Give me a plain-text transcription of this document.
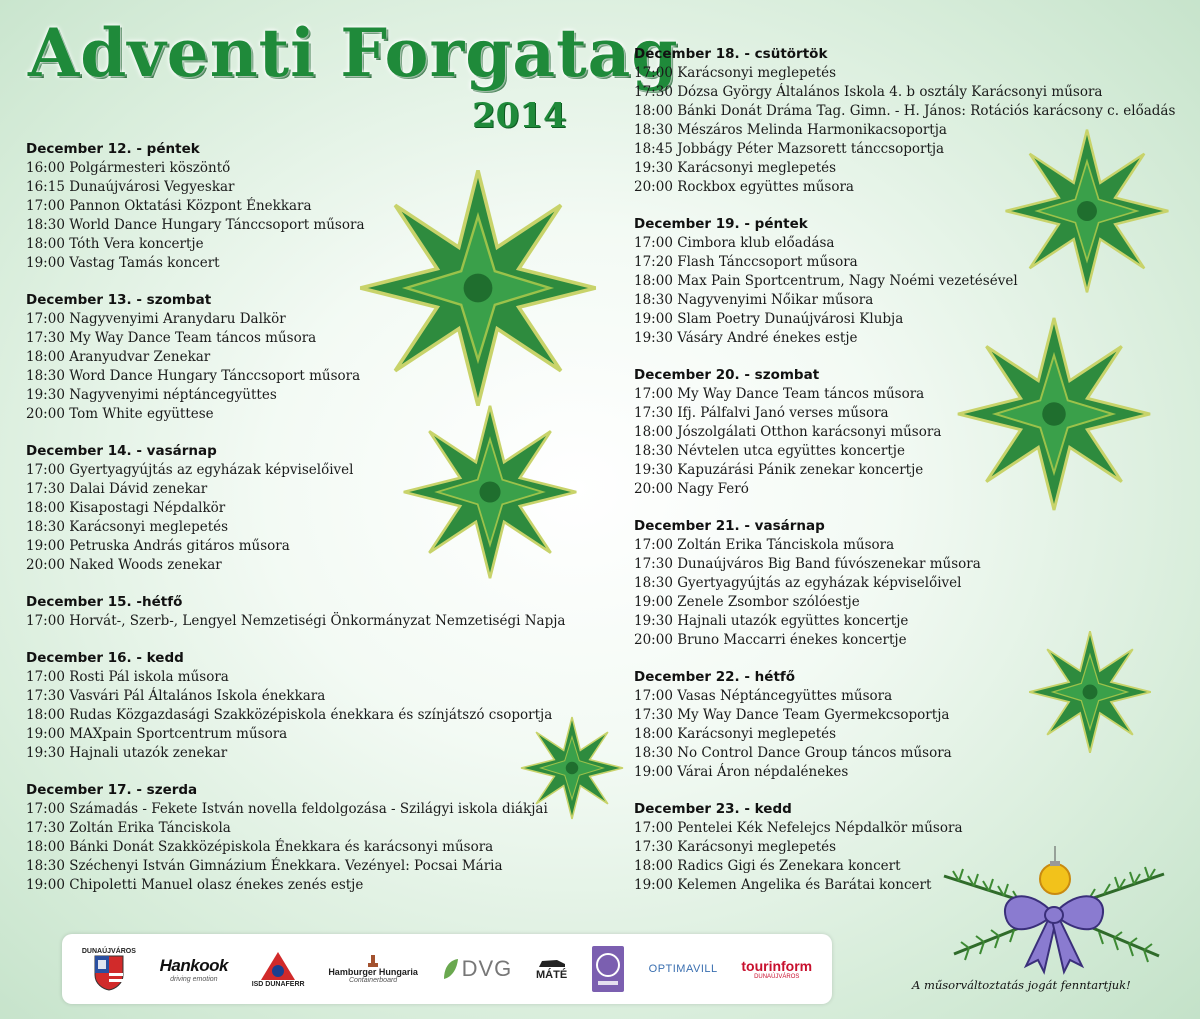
Adventi Forgatag
2014
December 12. - péntek
16:00 Polgármesteri köszöntő
16:15 Dunaújvárosi Vegyeskar
17:00 Pannon Oktatási Központ Énekkara
18:30 World Dance Hungary Tánccsoport műsora
18:00 Tóth Vera koncertje
19:00 Vastag Tamás koncert
December 13. - szombat
17:00 Nagyvenyimi Aranydaru Dalkör
17:30 My Way Dance Team táncos műsora
18:00 Aranyudvar Zenekar
18:30 Word Dance Hungary Tánccsoport műsora
19:30 Nagyvenyimi néptáncegyüttes
20:00 Tom White együttese
December 14. - vasárnap
17:00 Gyertyagyújtás az egyházak képviselőivel
17:30 Dalai Dávid zenekar
18:00 Kisapostagi Népdalkör
18:30 Karácsonyi meglepetés
19:00 Petruska András gitáros műsora
20:00 Naked Woods zenekar
December 15. -hétfő
17:00 Horvát-, Szerb-, Lengyel Nemzetiségi Önkormányzat Nemzetiségi Napja
December 16. - kedd
17:00 Rosti Pál iskola műsora
17:30 Vasvári Pál Általános Iskola énekkara
18:00 Rudas Közgazdasági Szakközépiskola énekkara és színjátszó csoportja
19:00 MAXpain Sportcentrum műsora
19:30 Hajnali utazók zenekar
December 17. - szerda
17:00 Számadás - Fekete István novella feldolgozása - Szilágyi iskola diákjai
17:30 Zoltán Erika Tánciskola
18:00 Bánki Donát Szakközépiskola Énekkara és karácsonyi műsora
18:30 Széchenyi István Gimnázium Énekkara. Vezényel: Pocsai Mária
19:00 Chipoletti Manuel olasz énekes zenés estje
December 18. - csütörtök
17:00 Karácsonyi meglepetés
17:30 Dózsa György Általános Iskola 4. b osztály Karácsonyi műsora
18:00 Bánki Donát Dráma Tag. Gimn. - H. János: Rotációs karácsony c. előadás
18:30 Mészáros Melinda Harmonikacsoportja
18:45 Jobbágy Péter Mazsorett tánccsoportja
19:30 Karácsonyi meglepetés
20:00 Rockbox együttes műsora
December 19. - péntek
17:00 Cimbora klub előadása
17:20 Flash Tánccsoport műsora
18:00 Max Pain Sportcentrum, Nagy Noémi vezetésével
18:30 Nagyvenyimi Nőikar műsora
19:00 Slam Poetry Dunaújvárosi Klubja
19:30 Vásáry André énekes estje
December 20. - szombat
17:00 My Way Dance Team táncos műsora
17:30 Ifj. Pálfalvi Janó verses műsora
18:00 Jószolgálati Otthon karácsonyi műsora
18:30 Névtelen utca együttes koncertje
19:30 Kapuzárási Pánik zenekar koncertje
20:00 Nagy Feró
December 21. - vasárnap
17:00 Zoltán Erika Tánciskola műsora
17:30 Dunaújváros Big Band fúvószenekar műsora
18:30 Gyertyagyújtás az egyházak képviselőivel
19:00 Zenele Zsombor szólóestje
19:30 Hajnali utazók együttes koncertje
20:00 Bruno Maccarri énekes koncertje
December 22. - hétfő
17:00 Vasas Néptáncegyüttes műsora
17:30 My Way Dance Team Gyermekcsoportja
18:00 Karácsonyi meglepetés
18:30 No Control Dance Group táncos műsora
19:00 Várai Áron népdalénekes
December 23. - kedd
17:00 Pentelei Kék Nefelejcs Népdalkör műsora
17:30 Karácsonyi meglepetés
18:00 Radics Gigi és Zenekara koncert
19:00 Kelemen Angelika és Barátai koncert
DUNAÚJVÁROS
Hankook
driving emotion
ISD DUNAFERR
Hamburger Hungaria
Containerboard	DVG MÁTÉ	OPTIMAVILL tourinform
DUNAÚJVÁROS
A műsorváltoztatás jogát fenntartjuk!
